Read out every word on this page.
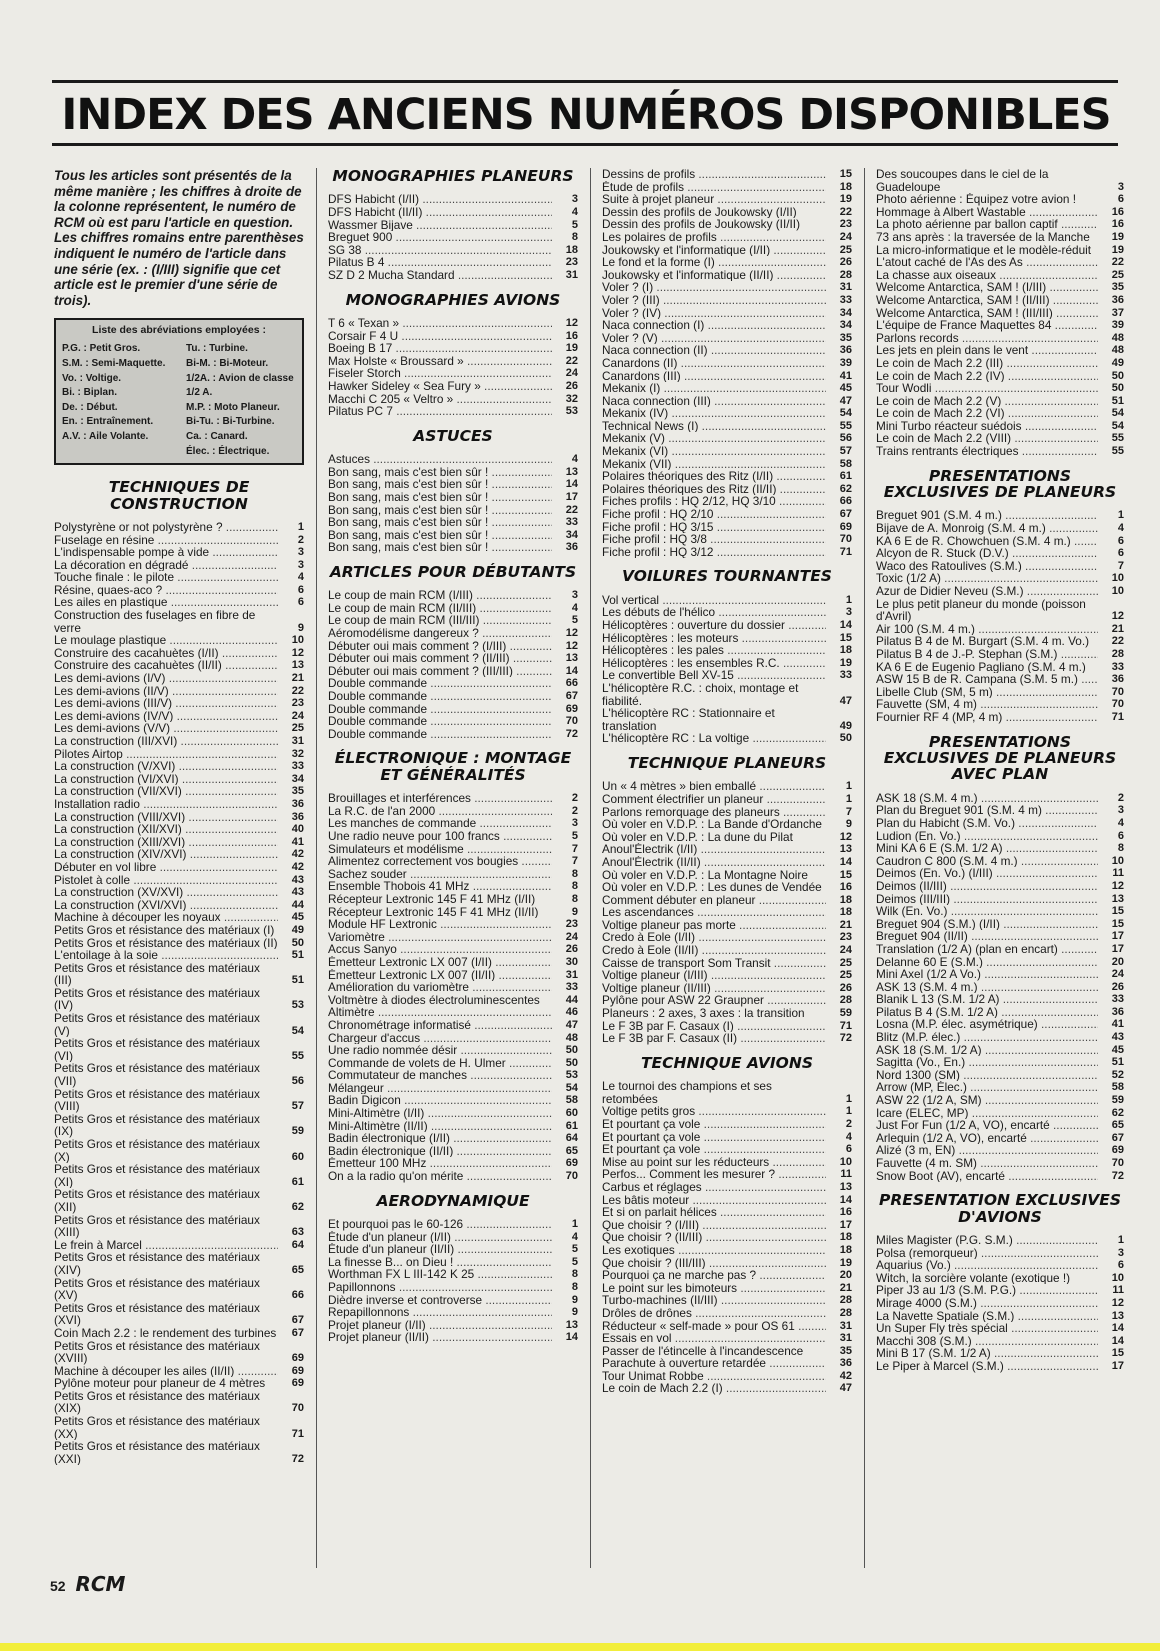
INDEX DES ANCIENS NUMÉROS DISPONIBLES

Tous les articles sont présentés de la même manière ; les chiffres à droite de la colonne représentent, le numéro de RCM où est paru l'article en question. Les chiffres romains entre parenthèses indiquent le numéro de l'article dans une série (ex. : (I/III) signifie que cet article est le premier d'une série de trois).

Liste des abréviations employées :
P.G. : Petit Gros.	Tu. : Turbine.
S.M. : Semi-Maquette.	Bi-M. : Bi-Moteur.
Vo. : Voltige.	1/2A. : Avion de classe
Bi. : Biplan.	1/2 A.
De. : Début.	M.P. : Moto Planeur.
En. : Entraînement.	Bi-Tu. : Bi-Turbine.
A.V. : Aile Volante.	Ca. : Canard.
Élec. : Électrique.
TECHNIQUES DE CONSTRUCTION
Polystyrène or not polystyrène ? .....	1
Fuselage en résine .....	2
L'indispensable pompe à vide .....	3
La décoration en dégradé .....	3
Touche finale : le pilote .....	4
Résine, quaes-aco ? .....	6
Les ailes en plastique .....	6
Construction des fuselages en fibre de verre	9
Le moulage plastique .....	10
Construire des cacahuètes (I/II) .....	12
Construire des cacahuètes (II/II) .....	13
Les demi-avions (I/V) .....	21
Les demi-avions (II/V) .....	22
Les demi-avions (III/V) .....	23
Les demi-avions (IV/V) .....	24
Les demi-avions (V/V) .....	25
La construction (III/XVI) .....	31
Pilotes Airtop .....	32
La construction (V/XVI) .....	33
La construction (VI/XVI) .....	34
La construction (VII/XVI) .....	35
Installation radio .....	36
La construction (VIII/XVI) .....	36
La construction (XII/XVI) .....	40
La construction (XIII/XVI) .....	41
La construction (XIV/XVI) .....	42
Débuter en vol libre .....	42
Pistolet à colle .....	43
La construction (XV/XVI) .....	43
La construction (XVI/XVI) .....	44
Machine à découper les noyaux .....	45
Petits Gros et résistance des matériaux (I)	49
Petits Gros et résistance des matériaux (II)	50
L'entoilage à la soie .....	51
Petits Gros et résistance des matériaux (III)	51
Petits Gros et résistance des matériaux (IV)	53
Petits Gros et résistance des matériaux (V)	54
Petits Gros et résistance des matériaux (VI)	55
Petits Gros et résistance des matériaux (VII)	56
Petits Gros et résistance des matériaux (VIII)	57
Petits Gros et résistance des matériaux (IX)	59
Petits Gros et résistance des matériaux (X)	60
Petits Gros et résistance des matériaux (XI)	61
Petits Gros et résistance des matériaux (XII)	62
Petits Gros et résistance des matériaux (XIII)	63
Le frein à Marcel .....	64
Petits Gros et résistance des matériaux (XIV)	65
Petits Gros et résistance des matériaux (XV)	66
Petits Gros et résistance des matériaux (XVI)	67
Coin Mach 2.2 : le rendement des turbines	67
Petits Gros et résistance des matériaux (XVIII)	69
Machine à découper les ailes (II/II) .....	69
Pylône moteur pour planeur de 4 mètres	69
Petits Gros et résistance des matériaux (XIX)	70
Petits Gros et résistance des matériaux (XX)	71
Petits Gros et résistance des matériaux (XXI)	72
MONOGRAPHIES PLANEURS
DFS Habicht (I/II) .....	3
DFS Habicht (II/II) .....	4
Wassmer Bijave .....	5
Breguet 900 .....	8
SG 38 .....	18
Pilatus B 4 .....	23
SZ D 2 Mucha Standard .....	31
MONOGRAPHIES AVIONS
T 6 « Texan » .....	12
Corsair F 4 U .....	16
Boeing B 17 .....	19
Max Holste « Broussard » .....	22
Fiseler Storch .....	24
Hawker Sideley « Sea Fury » .....	26
Macchi C 205 « Veltro » .....	32
Pilatus PC 7 .....	53
ASTUCES
Astuces .....	4
Bon sang, mais c'est bien sûr ! .....	13
Bon sang, mais c'est bien sûr ! .....	14
Bon sang, mais c'est bien sûr ! .....	17
Bon sang, mais c'est bien sûr ! .....	22
Bon sang, mais c'est bien sûr ! .....	33
Bon sang, mais c'est bien sûr ! .....	34
Bon sang, mais c'est bien sûr ! .....	36
ARTICLES POUR DÉBUTANTS
Le coup de main RCM (I/III) .....	3
Le coup de main RCM (II/III) .....	4
Le coup de main RCM (III/III) .....	5
Aéromodélisme dangereux ? .....	12
Débuter oui mais comment ? (I/III) .....	12
Débuter oui mais comment ? (II/III) .....	13
Débuter oui mais comment ? (III/III) .....	14
Double commande .....	66
Double commande .....	67
Double commande .....	69
Double commande .....	70
Double commande .....	72
ÉLECTRONIQUE : MONTAGE ET GÉNÉRALITÉS
Brouillages et interférences .....	2
La R.C. de l'an 2000 .....	2
Les manches de commande .....	3
Une radio neuve pour 100 francs .....	5
Simulateurs et modélisme .....	7
Alimentez correctement vos bougies .....	7
Sachez souder .....	8
Ensemble Thobois 41 MHz .....	8
Récepteur Lextronic 145 F 41 MHz (I/II)	8
Récepteur Lextronic 145 F 41 MHz (II/II)	9
Module HF Lextronic .....	23
Variomètre .....	24
Accus Sanyo .....	26
Émetteur Lextronic LX 007 (I/II) .....	30
Émetteur Lextronic LX 007 (II/II) .....	31
Amélioration du variomètre .....	33
Voltmètre à diodes électroluminescentes	44
Altimètre .....	46
Chronométrage informatisé .....	47
Chargeur d'accus .....	48
Une radio nommée désir .....	50
Commande de volets de H. Ulmer .....	50
Commutateur de manches .....	53
Mélangeur .....	54
Badin Digicon .....	58
Mini-Altimètre (I/II) .....	60
Mini-Altimètre (II/II) .....	61
Badin électronique (I/II) .....	64
Badin électronique (II/II) .....	65
Émetteur 100 MHz .....	69
On a la radio qu'on mérite .....	70
AERODYNAMIQUE
Et pourquoi pas le 60-126 .....	1
Étude d'un planeur (I/II) .....	4
Étude d'un planeur (II/II) .....	5
La finesse B... on Dieu ! .....	5
Worthman FX L III-142 K 25 .....	8
Papillonnons .....	8
Dièdre inverse et controverse .....	9
Repapillonnons .....	9
Projet planeur (I/II) .....	13
Projet planeur (II/II) .....	14
Dessins de profils .....	15
Étude de profils .....	18
Suite à projet planeur .....	19
Dessin des profils de Joukowsky (I/II)	22
Dessin des profils de Joukowsky (II/II)	23
Les polaires de profils .....	24
Joukowsky et l'informatique (I/II) .....	25
Le fond et la forme (I) .....	26
Joukowsky et l'informatique (II/II) .....	28
Voler ? (I) .....	31
Voler ? (III) .....	33
Voler ? (IV) .....	34
Naca connection (I) .....	34
Voler ? (V) .....	35
Naca connection (II) .....	36
Canardons (II) .....	39
Canardons (III) .....	41
Mekanix (I) .....	45
Naca connection (III) .....	47
Mekanix (IV) .....	54
Technical News (I) .....	55
Mekanix (V) .....	56
Mekanix (VI) .....	57
Mekanix (VII) .....	58
Polaires théoriques des Ritz (I/II) .....	61
Polaires théoriques des Ritz (II/II) .....	62
Fiches profils : HQ 2/12, HQ 3/10 .....	66
Fiche profil : HQ 2/10 .....	67
Fiche profil : HQ 3/15 .....	69
Fiche profil : HQ 3/8 .....	70
Fiche profil : HQ 3/12 .....	71
VOILURES TOURNANTES
Vol vertical .....	1
Les débuts de l'hélico .....	3
Hélicoptères : ouverture du dossier .....	14
Hélicoptères : les moteurs .....	15
Hélicoptères : les pales .....	18
Hélicoptères : les ensembles R.C. .....	19
Le convertible Bell XV-15 .....	33
L'hélicoptère R.C. : choix, montage et fiabilité.	47
L'hélicoptère RC : Stationnaire et translation	49
L'hélicoptère RC : La voltige .....	50
TECHNIQUE PLANEURS
Un « 4 mètres » bien emballé .....	1
Comment électrifier un planeur .....	1
Parlons remorquage des planeurs .....	7
Où voler en V.D.P. : La Bande d'Ordanche	9
Où voler en V.D.P. : La dune du Pilat	12
Anoul'Électrik (I/II) .....	13
Anoul'Électrik (II/II) .....	14
Où voler en V.D.P. : La Montagne Noire	15
Où voler en V.D.P. : Les dunes de Vendée	16
Comment débuter en planeur .....	18
Les ascendances .....	18
Voltige planeur pas morte .....	21
Credo à Eole (I/II) .....	23
Credo à Eole (II/II) .....	24
Caisse de transport Som Transit .....	25
Voltige planeur (I/III) .....	25
Voltige planeur (II/III) .....	26
Pylône pour ASW 22 Graupner .....	28
Planeurs : 2 axes, 3 axes : la transition	59
Le F 3B par F. Casaux (I) .....	71
Le F 3B par F. Casaux (II) .....	72
TECHNIQUE AVIONS
Le tournoi des champions et ses retombées	1
Voltige petits gros .....	1
Et pourtant ça vole .....	2
Et pourtant ça vole .....	4
Et pourtant ça vole .....	6
Mise au point sur les réducteurs .....	10
Perfos... Comment les mesurer ? .....	11
Carbus et réglages .....	13
Les bâtis moteur .....	14
Et si on parlait hélices .....	16
Que choisir ? (I/III) .....	17
Que choisir ? (II/III) .....	18
Les exotiques .....	18
Que choisir ? (III/III) .....	19
Pourquoi ça ne marche pas ? .....	20
Le point sur les bimoteurs .....	21
Turbo-machines (II/III) .....	28
Drôles de drônes .....	28
Réducteur « self-made » pour OS 61 .....	31
Essais en vol .....	31
Passer de l'étincelle à l'incandescence	35
Parachute à ouverture retardée .....	36
Tour Unimat Robbe .....	42
Le coin de Mach 2.2 (I) .....	47
Des soucoupes dans le ciel de la Guadeloupe	3
Photo aérienne : Équipez votre avion !	6
Hommage à Albert Wastable .....	16
La photo aérienne par ballon captif .....	16
73 ans après : la traversée de la Manche	19
La micro-informatique et le modèle-réduit	19
L'atout caché de l'As des As .....	22
La chasse aux oiseaux .....	25
Welcome Antarctica, SAM ! (I/III) .....	35
Welcome Antarctica, SAM ! (II/III) .....	36
Welcome Antarctica, SAM ! (III/III) .....	37
L'équipe de France Maquettes 84 .....	39
Parlons records .....	48
Les jets en plein dans le vent .....	48
Le coin de Mach 2.2 (III) .....	49
Le coin de Mach 2.2 (IV) .....	50
Tour Wodli .....	50
Le coin de Mach 2.2 (V) .....	51
Le coin de Mach 2.2 (VI) .....	54
Mini Turbo réacteur suédois .....	54
Le coin de Mach 2.2 (VIII) .....	55
Trains rentrants électriques .....	55
PRESENTATIONS EXCLUSIVES DE PLANEURS
Breguet 901 (S.M. 4 m.) .....	1
Bijave de A. Monroig (S.M. 4 m.) .....	4
KA 6 E de R. Chowchuen (S.M. 4 m.) .....	6
Alcyon de R. Stuck (D.V.) .....	6
Waco des Ratoulives (S.M.) .....	7
Toxic (1/2 A) .....	10
Azur de Didier Neveu (S.M.) .....	10
Le plus petit planeur du monde (poisson d'Avril)	12
Air 100 (S.M. 4 m.) .....	21
Pilatus B 4 de M. Burgart (S.M. 4 m. Vo.)	22
Pilatus B 4 de J.-P. Stephan (S.M.) .....	28
KA 6 E de Eugenio Pagliano (S.M. 4 m.)	33
ASW 15 B de R. Campana (S.M. 5 m.) .....	36
Libelle Club (SM, 5 m) .....	70
Fauvette (SM, 4 m) .....	70
Fournier RF 4 (MP, 4 m) .....	71
PRESENTATIONS EXCLUSIVES DE PLANEURS AVEC PLAN
ASK 18 (S.M. 4 m.) .....	2
Plan du Breguet 901 (S.M. 4 m) .....	3
Plan du Habicht (S.M. Vo.) .....	4
Ludion (En. Vo.) .....	6
Mini KA 6 E (S.M. 1/2 A) .....	8
Caudron C 800 (S.M. 4 m.) .....	10
Deimos (En. Vo.) (I/III) .....	11
Deimos (II/III) .....	12
Deimos (III/III) .....	13
Wilk (En. Vo.) .....	15
Breguet 904 (S.M.) (I/II) .....	15
Breguet 904 (II/II) .....	17
Translation (1/2 A) (plan en encart) .....	17
Delanne 60 E (S.M.) .....	20
Mini Axel (1/2 A Vo.) .....	24
ASK 13 (S.M. 4 m.) .....	26
Blanik L 13 (S.M. 1/2 A) .....	33
Pilatus B 4 (S.M. 1/2 A) .....	36
Losna (M.P. élec. asymétrique) .....	41
Blitz (M.P. élec.) .....	43
ASK 18 (S.M. 1/2 A) .....	45
Sagitta (Vo., En.) .....	51
Nord 1300 (SM) .....	52
Arrow (MP, Élec.) .....	58
ASW 22 (1/2 A, SM) .....	59
Icare (ELEC, MP) .....	62
Just For Fun (1/2 A, VO), encarté .....	65
Arlequin (1/2 A, VO), encarté .....	67
Alizé (3 m, EN) .....	69
Fauvette (4 m. SM) .....	70
Snow Boot (AV), encarté .....	72
PRESENTATION EXCLUSIVES D'AVIONS
Miles Magister (P.G. S.M.) .....	1
Polsa (remorqueur) .....	3
Aquarius (Vo.) .....	6
Witch, la sorcière volante (exotique !)	10
Piper J3 au 1/3 (S.M. P.G.) .....	11
Mirage 4000 (S.M.) .....	12
La Navette Spatiale (S.M.) .....	13
Un Super Fly très spécial .....	14
Macchi 308 (S.M.) .....	14
Mini B 17 (S.M. 1/2 A) .....	15
Le Piper à Marcel (S.M.) .....	17
52 RCM
